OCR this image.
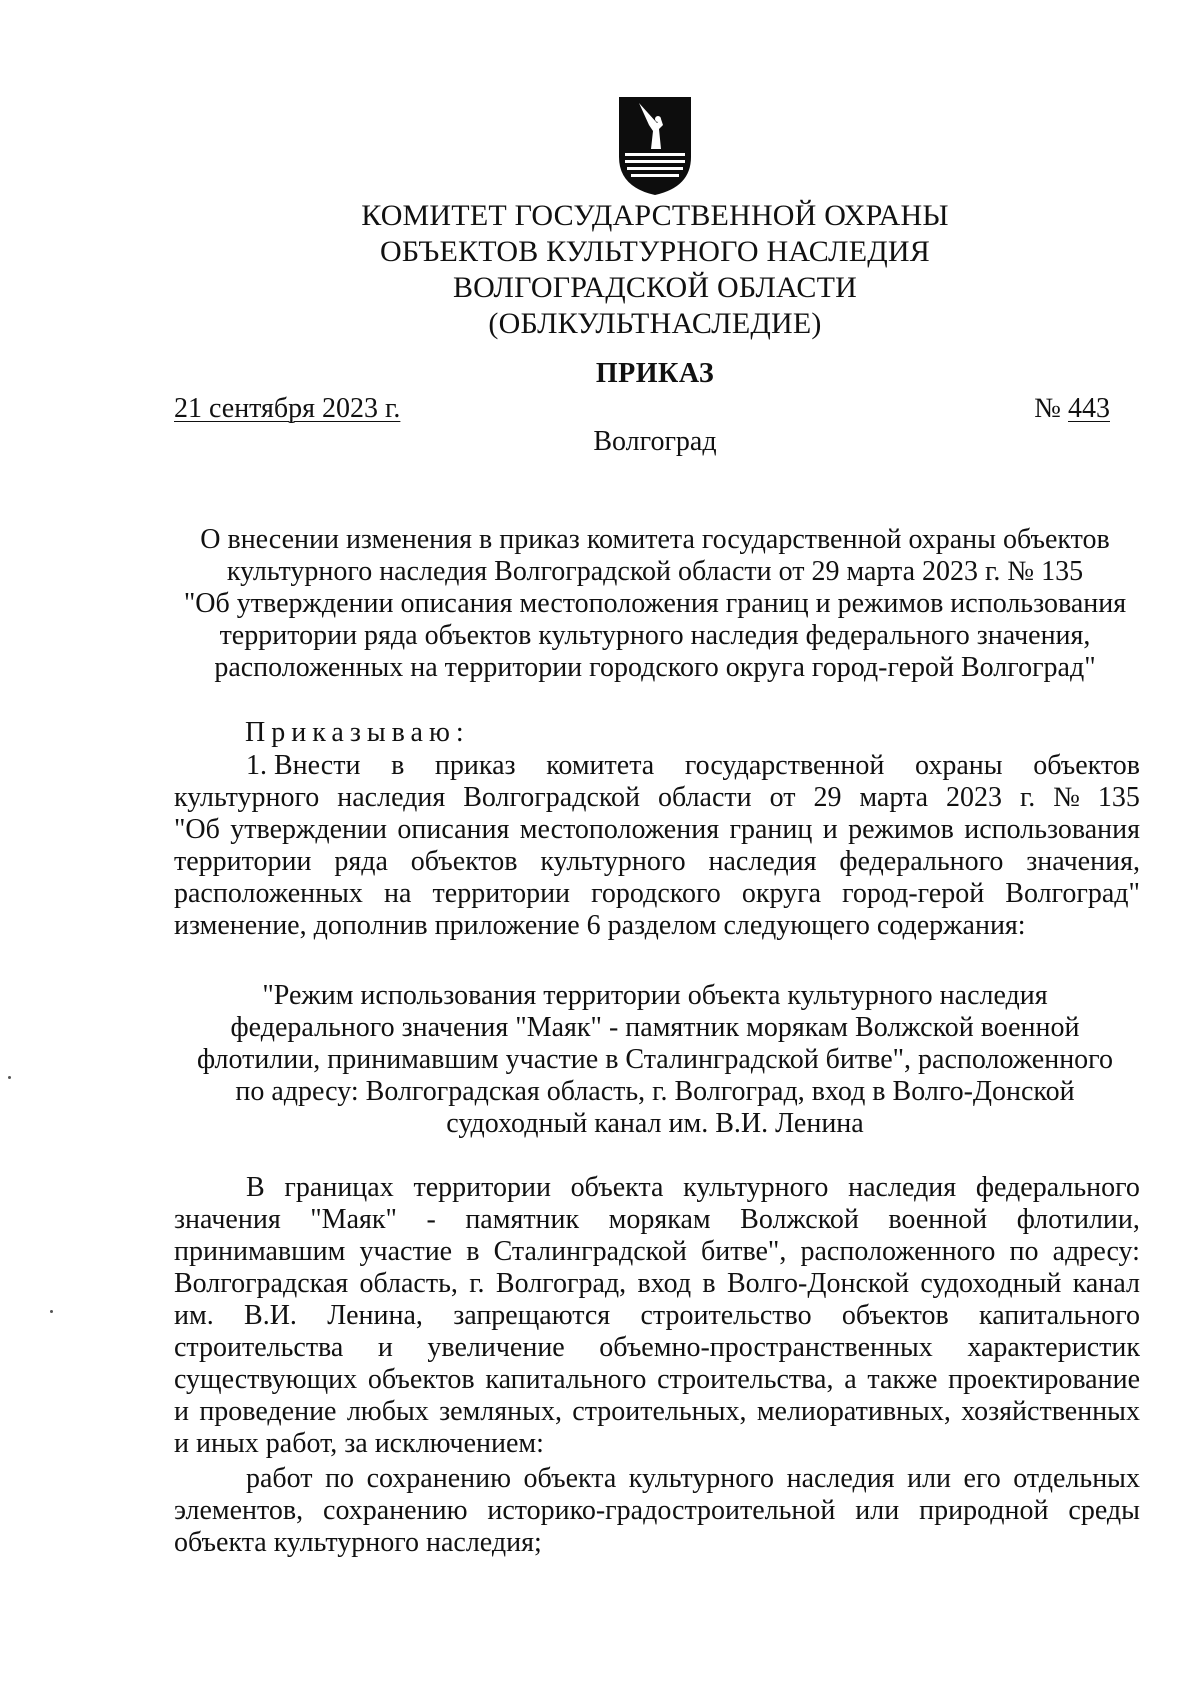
КОМИТЕТ ГОСУДАРСТВЕННОЙ ОХРАНЫ
ОБЪЕКТОВ КУЛЬТУРНОГО НАСЛЕДИЯ
ВОЛГОГРАДСКОЙ ОБЛАСТИ
(ОБЛКУЛЬТНАСЛЕДИЕ)
ПРИКАЗ
21 сентября 2023 г.	№ 443
Волгоград
О внесении изменения в приказ комитета государственной охраны объектов
культурного наследия Волгоградской области от 29 марта 2023 г. № 135
"Об утверждении описания местоположения границ и режимов использования
территории ряда объектов культурного наследия федерального значения,
расположенных на территории городского округа город-герой Волгоград"
Приказываю:
1. Внести в приказ комитета государственной охраны объектов
культурного наследия Волгоградской области от 29 марта 2023 г. № 135
"Об утверждении описания местоположения границ и режимов использования
территории ряда объектов культурного наследия федерального значения,
расположенных на территории городского округа город-герой Волгоград"
изменение, дополнив приложение 6 разделом следующего содержания:
"Режим использования территории объекта культурного наследия
федерального значения "Маяк" - памятник морякам Волжской военной
флотилии, принимавшим участие в Сталинградской битве", расположенного
по адресу: Волгоградская область, г. Волгоград, вход в Волго-Донской
судоходный канал им. В.И. Ленина
В границах территории объекта культурного наследия федерального
значения "Маяк" - памятник морякам Волжской военной флотилии,
принимавшим участие в Сталинградской битве", расположенного по адресу:
Волгоградская область, г. Волгоград, вход в Волго-Донской судоходный канал
им. В.И. Ленина, запрещаются строительство объектов капитального
строительства и увеличение объемно-пространственных характеристик
существующих объектов капитального строительства, а также проектирование
и проведение любых земляных, строительных, мелиоративных, хозяйственных
и иных работ, за исключением:
работ по сохранению объекта культурного наследия или его отдельных
элементов, сохранению историко-градостроительной или природной среды
объекта культурного наследия;
